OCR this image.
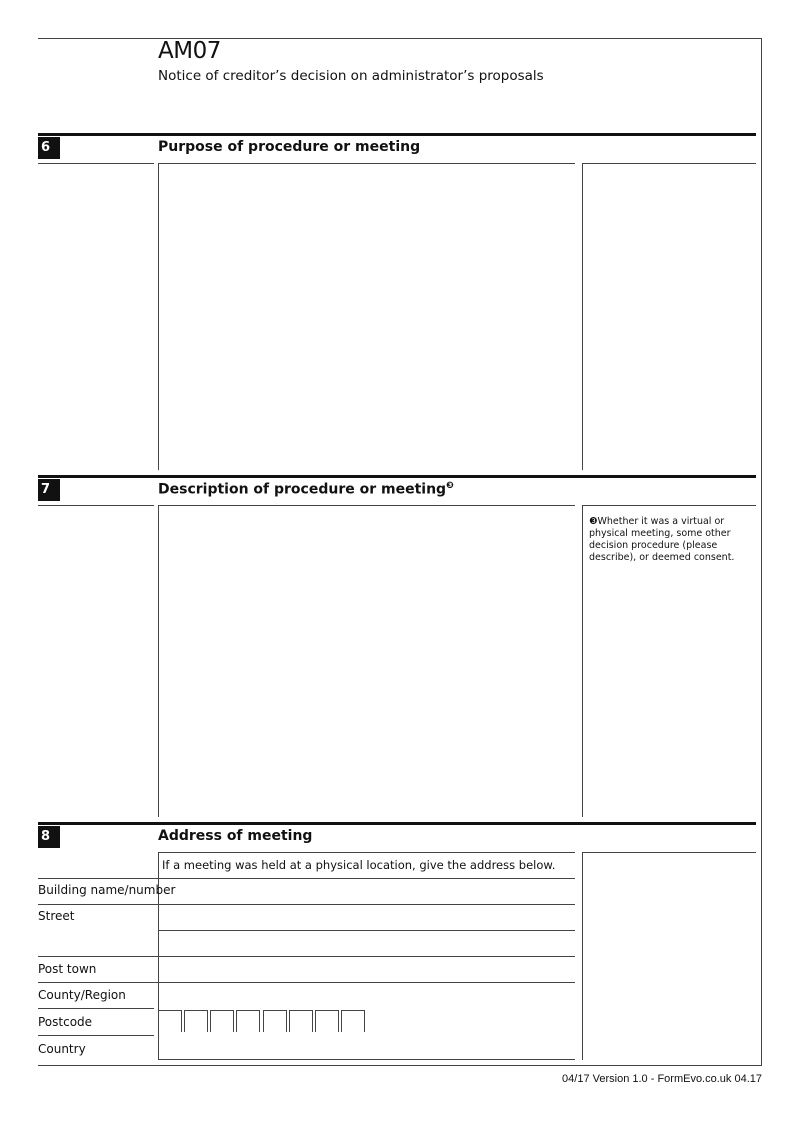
AM07
Notice of creditor’s decision on administrator’s proposals
6	Purpose of procedure or meeting
7	Description of procedure or meeting$^❸$
❸Whether it was a virtual or physical meeting, some other decision procedure (please describe), or deemed consent.
8	Address of meeting
If a meeting was held at a physical location, give the address below.
Building name/number
Street
Post town
County/Region
Postcode
Country
04/17 Version 1.0 - FormEvo.co.uk 04.17
